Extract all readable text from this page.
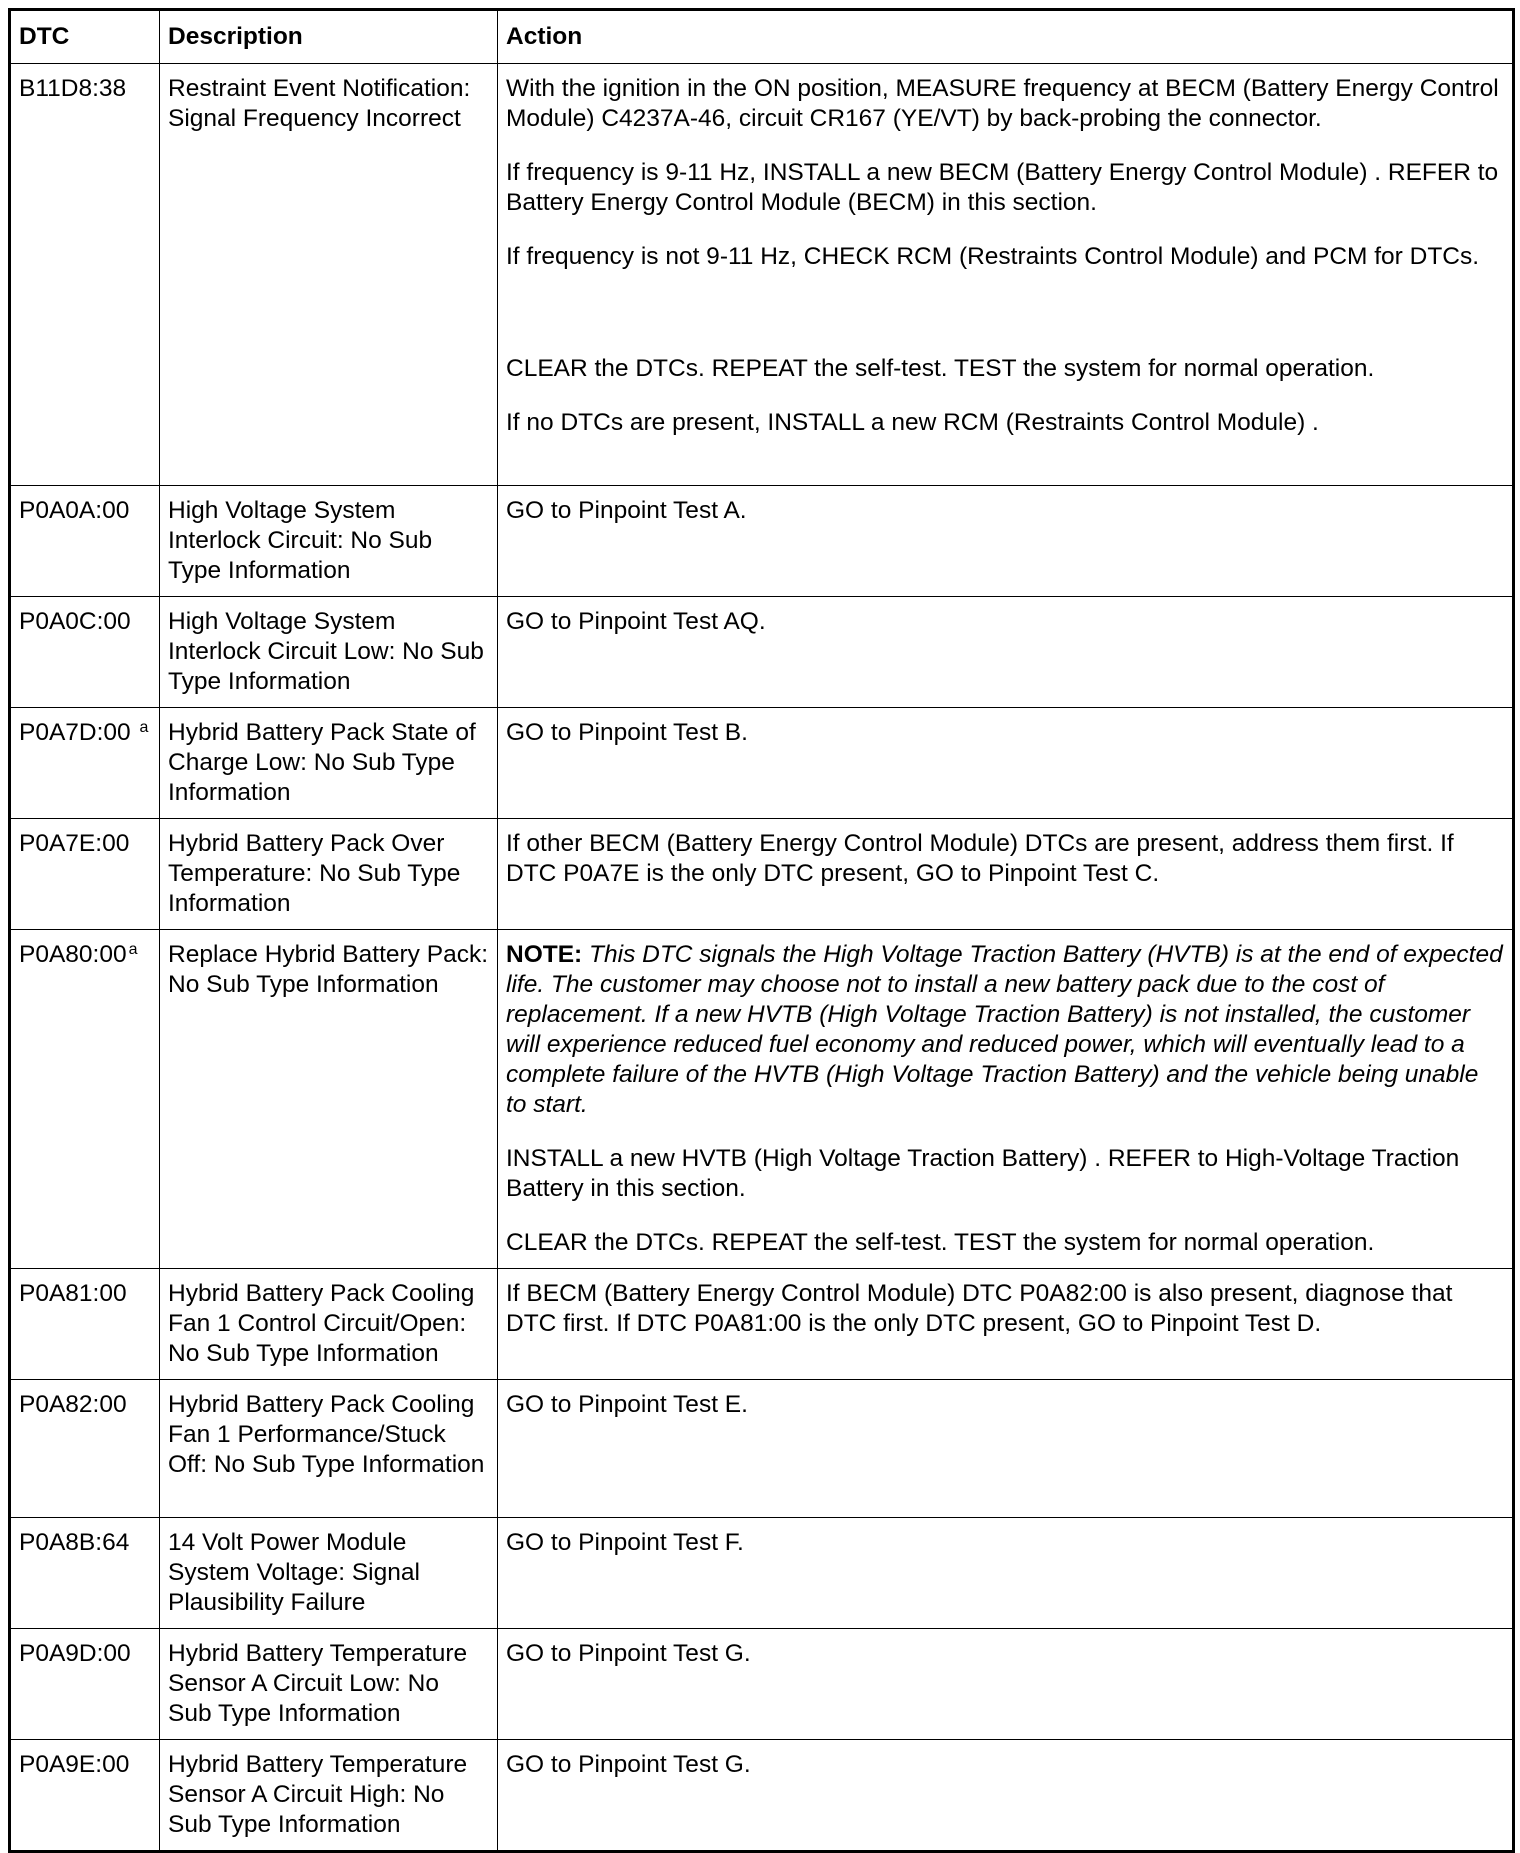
DTC	Description	Action
B11D8:38	Restraint Event Notification: Signal Frequency Incorrect	With the ignition in the ON position, MEASURE frequency at BECM (Battery Energy Control Module) C4237A-46, circuit CR167 (YE/VT) by back-probing the connector.

If frequency is 9-11 Hz, INSTALL a new BECM (Battery Energy Control Module) . REFER to Battery Energy Control Module (BECM) in this section.

If frequency is not 9-11 Hz, CHECK RCM (Restraints Control Module) and PCM for DTCs.

CLEAR the DTCs. REPEAT the self-test. TEST the system for normal operation.

If no DTCs are present, INSTALL a new RCM (Restraints Control Module) .

P0A0A:00	High Voltage System Interlock Circuit: No Sub Type Information	GO to Pinpoint Test A.

P0A0C:00	High Voltage System Interlock Circuit Low: No Sub Type Information	GO to Pinpoint Test AQ.

P0A7D:00 $^a$	Hybrid Battery Pack State of Charge Low: No Sub Type Information	GO to Pinpoint Test B.

P0A7E:00	Hybrid Battery Pack Over Temperature: No Sub Type Information	If other BECM (Battery Energy Control Module) DTCs are present, address them first. If DTC P0A7E is the only DTC present, GO to Pinpoint Test C.

P0A80:00 $^a$	Replace Hybrid Battery Pack: No Sub Type Information	NOTE: This DTC signals the High Voltage Traction Battery (HVTB) is at the end of expected life. The customer may choose not to install a new battery pack due to the cost of replacement. If a new HVTB (High Voltage Traction Battery) is not installed, the customer will experience reduced fuel economy and reduced power, which will eventually lead to a complete failure of the HVTB (High Voltage Traction Battery) and the vehicle being unable to start.

INSTALL a new HVTB (High Voltage Traction Battery) . REFER to High-Voltage Traction Battery in this section.

CLEAR the DTCs. REPEAT the self-test. TEST the system for normal operation.

P0A81:00	Hybrid Battery Pack Cooling Fan 1 Control Circuit/Open: No Sub Type Information	If BECM (Battery Energy Control Module) DTC P0A82:00 is also present, diagnose that DTC first. If DTC P0A81:00 is the only DTC present, GO to Pinpoint Test D.

P0A82:00	Hybrid Battery Pack Cooling Fan 1 Performance/Stuck Off: No Sub Type Information	GO to Pinpoint Test E.

P0A8B:64	14 Volt Power Module System Voltage: Signal Plausibility Failure	GO to Pinpoint Test F.

P0A9D:00	Hybrid Battery Temperature Sensor A Circuit Low: No Sub Type Information	GO to Pinpoint Test G.

P0A9E:00	Hybrid Battery Temperature Sensor A Circuit High: No Sub Type Information	GO to Pinpoint Test G.
